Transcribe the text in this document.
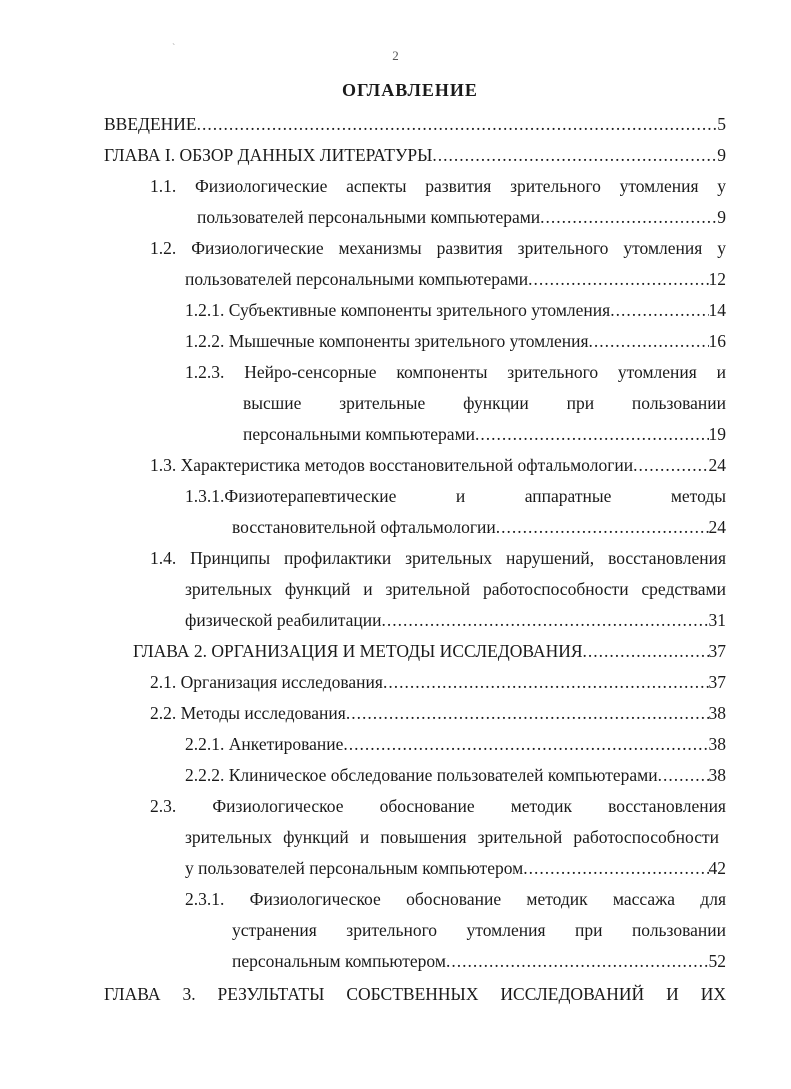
`	2
ОГЛАВЛЕНИЕ
ВВЕДЕНИЕ .....	5
ГЛАВА I. ОБЗОР ДАННЫХ ЛИТЕРАТУРЫ .....	9
1.1. Физиологические аспекты развития зрительного утомления у
пользователей персональными компьютерами .....	9
1.2. Физиологические механизмы развития зрительного утомления у
пользователей персональными компьютерами .....	12
1.2.1. Субъективные компоненты зрительного утомления .....	14
1.2.2. Мышечные компоненты зрительного утомления .....	16
1.2.3. Нейро-сенсорные компоненты зрительного утомления и
высшие зрительные функции при пользовании
персональными компьютерами .....	19
1.3. Характеристика методов восстановительной офтальмологии .....	24
1.3.1.Физиотерапевтические и аппаратные методы
восстановительной офтальмологии .....	24
1.4. Принципы профилактики зрительных нарушений, восстановления
зрительных функций и зрительной работоспособности средствами
физической реабилитации .....	31
ГЛАВА 2. ОРГАНИЗАЦИЯ И МЕТОДЫ ИССЛЕДОВАНИЯ .....	37
2.1. Организация исследования .....	37
2.2. Методы исследования .....	38
2.2.1. Анкетирование .....	38
2.2.2. Клиническое обследование пользователей компьютерами .....	38
2.3. Физиологическое обоснование методик восстановления
зрительных функций и повышения зрительной работоспособности
у пользователей персональным компьютером .....	42
2.3.1. Физиологическое обоснование методик массажа для
устранения зрительного утомления при пользовании
персональным компьютером .....	52
ГЛАВА 3. РЕЗУЛЬТАТЫ СОБСТВЕННЫХ ИССЛЕДОВАНИЙ И ИХ
